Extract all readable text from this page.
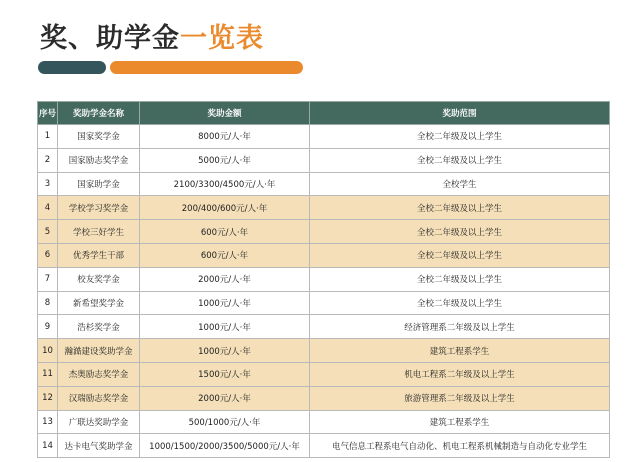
奖、助学金一览表
序号	奖助学金名称	奖助金额	奖助范围
1	国家奖学金	8000元/人·年	全校二年级及以上学生
2	国家励志奖学金	5000元/人·年	全校二年级及以上学生
3	国家助学金	2100/3300/4500元/人·年	全校学生
4	学校学习奖学金	200/400/600元/人·年	全校二年级及以上学生
5	学校三好学生	600元/人·年	全校二年级及以上学生
6	优秀学生干部	600元/人·年	全校二年级及以上学生
7	校友奖学金	2000元/人·年	全校二年级及以上学生
8	新希望奖学金	1000元/人·年	全校二年级及以上学生
9	浩杉奖学金	1000元/人·年	经济管理系二年级及以上学生
10	瀚澔建设奖助学金	1000元/人·年	建筑工程系学生
11	杰奥励志奖学金	1500元/人·年	机电工程系二年级及以上学生
12	汉瑞励志奖学金	2000元/人·年	旅游管理系二年级及以上学生
13	广联达奖助学金	500/1000元/人·年	建筑工程系学生
14	达卡电气奖助学金	1000/1500/2000/3500/5000元/人·年	电气信息工程系电气自动化、机电工程系机械制造与自动化专业学生
